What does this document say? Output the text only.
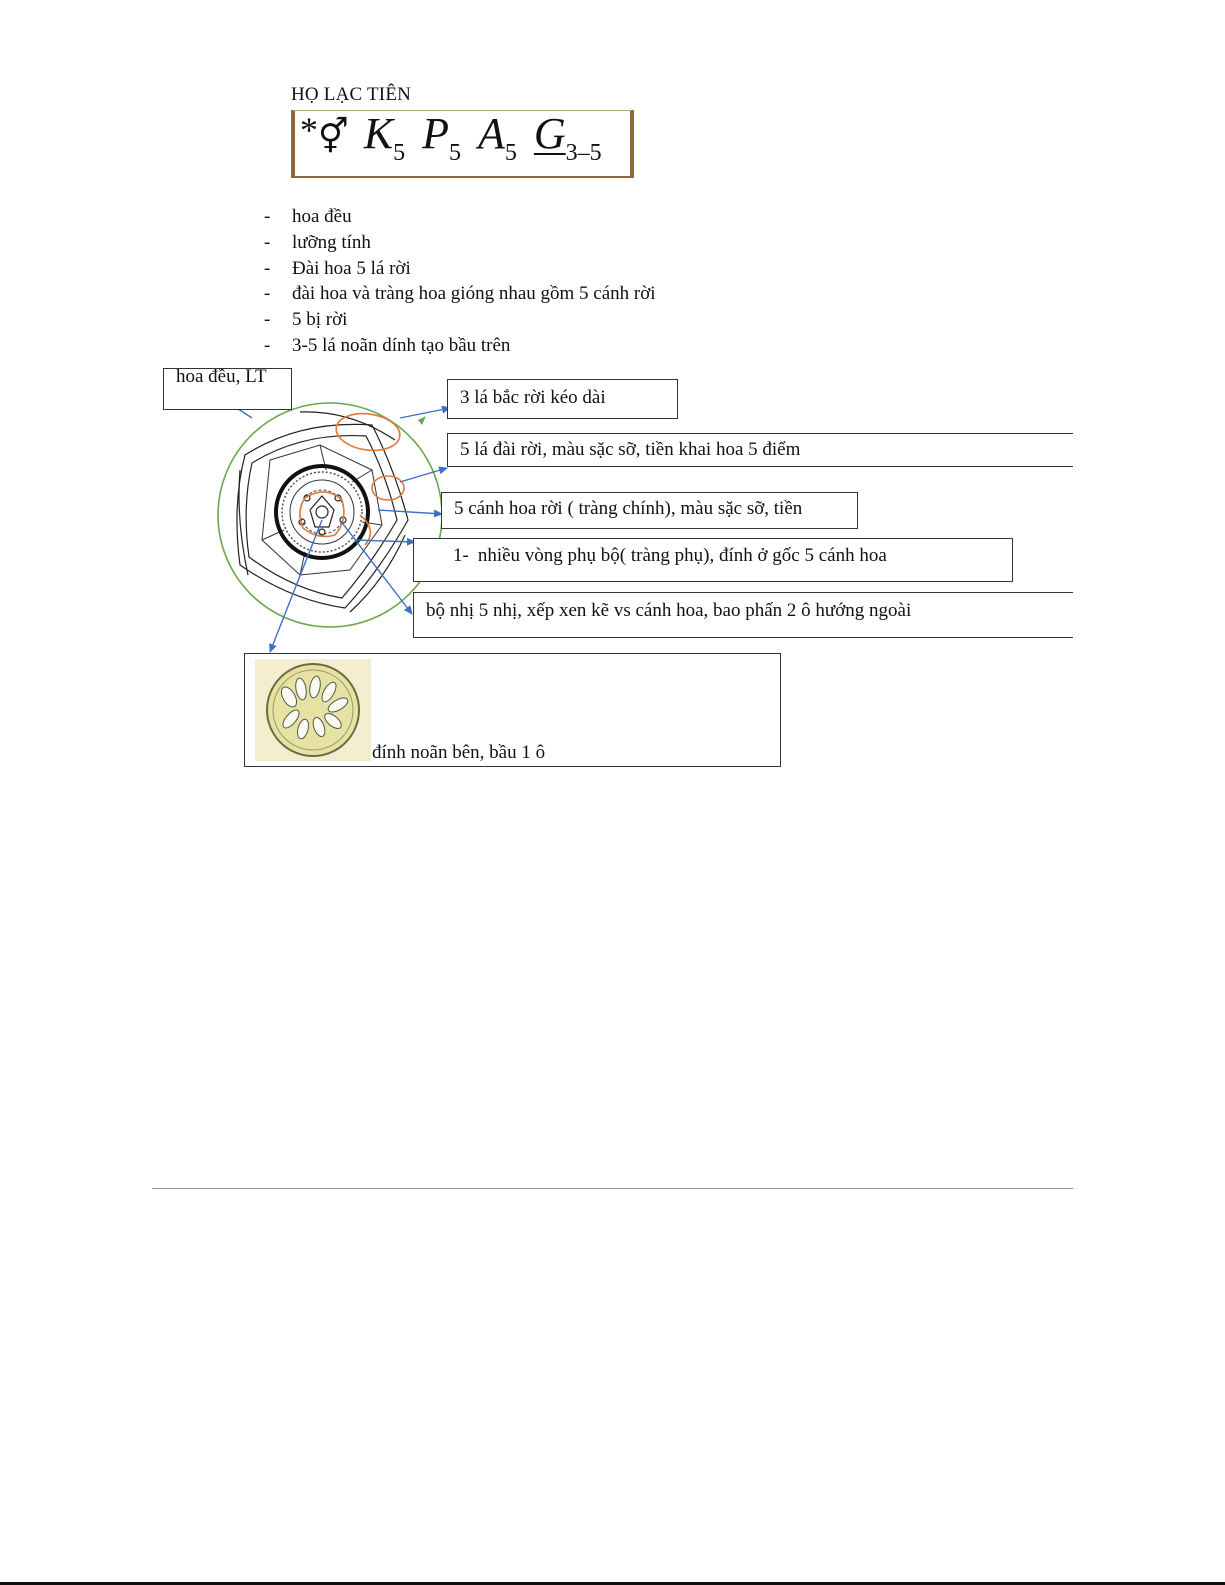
HỌ LẠC TIÊN
*⚥ $K_5$ $P_5$ $A_5$ $G_{3-5}$
- hoa đều
- lưỡng tính
- Đài hoa 5 lá rời
- đài hoa và tràng hoa gióng nhau gồm 5 cánh rời
- 5 bị rời
- 3-5 lá noãn dính tạo bầu trên
hoa đều, LT
3 lá bắc rời kéo dài
5 lá đài rời, màu sặc sỡ, tiền khai hoa 5 điểm
5 cánh hoa rời ( tràng chính), màu sặc sỡ, tiền
1- nhiều vòng phụ bộ( tràng phụ), đính ở gốc 5 cánh hoa
bộ nhị 5 nhị, xếp xen kẽ vs cánh hoa, bao phấn 2 ô hướng ngoài
đính noãn bên, bầu 1 ô
